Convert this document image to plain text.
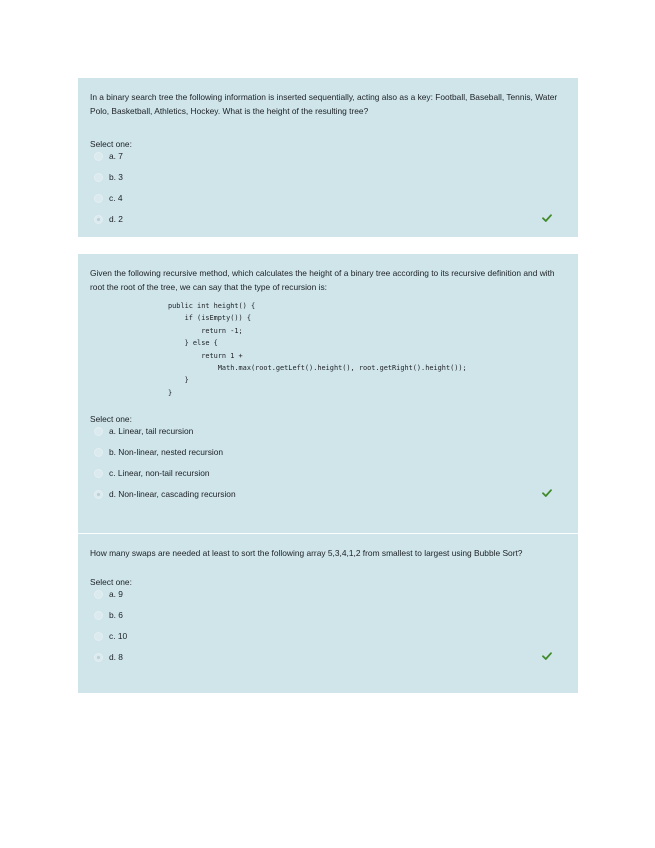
In a binary search tree the following information is inserted sequentially, acting also as a key: Football, Baseball, Tennis, Water Polo, Basketball, Athletics, Hockey. What is the height of the resulting tree?

Select one:

a. 7
b. 3
c. 4
d. 2

Given the following recursive method, which calculates the height of a binary tree according to its recursive definition and with root the root of the tree, we can say that the type of recursion is:

public int height() {
if (isEmpty()) {
return -1;
} else {
return 1 +
Math.max(root.getLeft().height(), root.getRight().height());
}
}

Select one:

a. Linear, tail recursion
b. Non-linear, nested recursion
c. Linear, non-tail recursion
d. Non-linear, cascading recursion

How many swaps are needed at least to sort the following array 5,3,4,1,2 from smallest to largest using Bubble Sort?

Select one:

a. 9
b. 6
c. 10
d. 8
